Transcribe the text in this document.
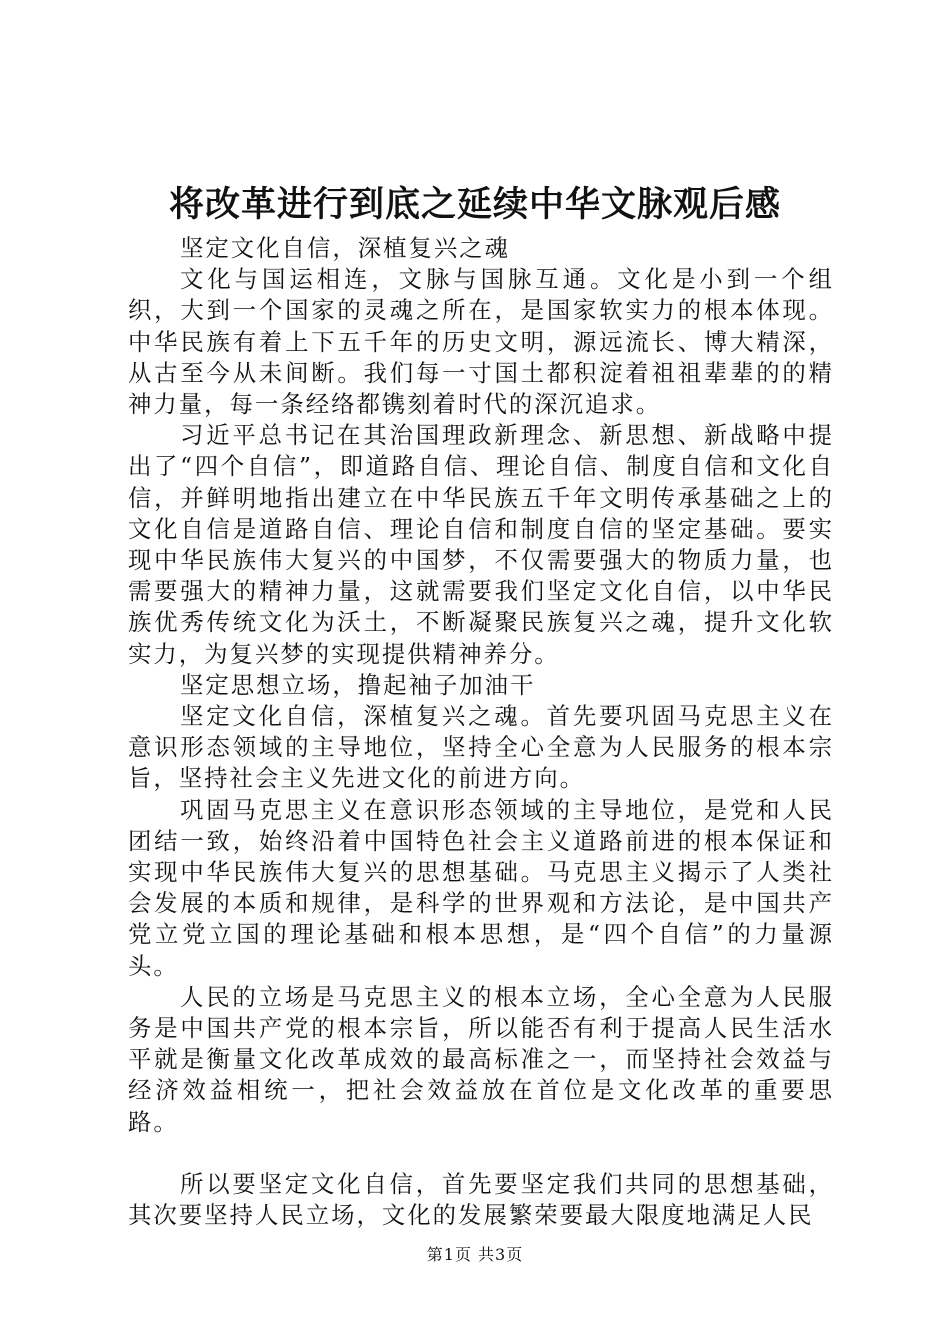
将改革进行到底之延续中华文脉观后感

坚定文化自信，深植复兴之魂

文化与国运相连，文脉与国脉互通。文化是小到一个组织，大到一个国家的灵魂之所在，是国家软实力的根本体现。中华民族有着上下五千年的历史文明，源远流长、博大精深，从古至今从未间断。我们每一寸国土都积淀着祖祖辈辈的的精神力量，每一条经络都镌刻着时代的深沉追求。

习近平总书记在其治国理政新理念、新思想、新战略中提出了“四个自信”，即道路自信、理论自信、制度自信和文化自信，并鲜明地指出建立在中华民族五千年文明传承基础之上的文化自信是道路自信、理论自信和制度自信的坚定基础。要实现中华民族伟大复兴的中国梦，不仅需要强大的物质力量，也需要强大的精神力量，这就需要我们坚定文化自信，以中华民族优秀传统文化为沃土，不断凝聚民族复兴之魂，提升文化软实力，为复兴梦的实现提供精神养分。

坚定思想立场，撸起袖子加油干

坚定文化自信，深植复兴之魂。首先要巩固马克思主义在意识形态领域的主导地位，坚持全心全意为人民服务的根本宗旨，坚持社会主义先进文化的前进方向。

巩固马克思主义在意识形态领域的主导地位，是党和人民团结一致，始终沿着中国特色社会主义道路前进的根本保证和实现中华民族伟大复兴的思想基础。马克思主义揭示了人类社会发展的本质和规律，是科学的世界观和方法论，是中国共产党立党立国的理论基础和根本思想，是“四个自信”的力量源头。

人民的立场是马克思主义的根本立场，全心全意为人民服务是中国共产党的根本宗旨，所以能否有利于提高人民生活水平就是衡量文化改革成效的最高标准之一，而坚持社会效益与经济效益相统一，把社会效益放在首位是文化改革的重要思路。

所以要坚定文化自信，首先要坚定我们共同的思想基础，其次要坚持人民立场，文化的发展繁荣要最大限度地满足人民

第1页 共3页
